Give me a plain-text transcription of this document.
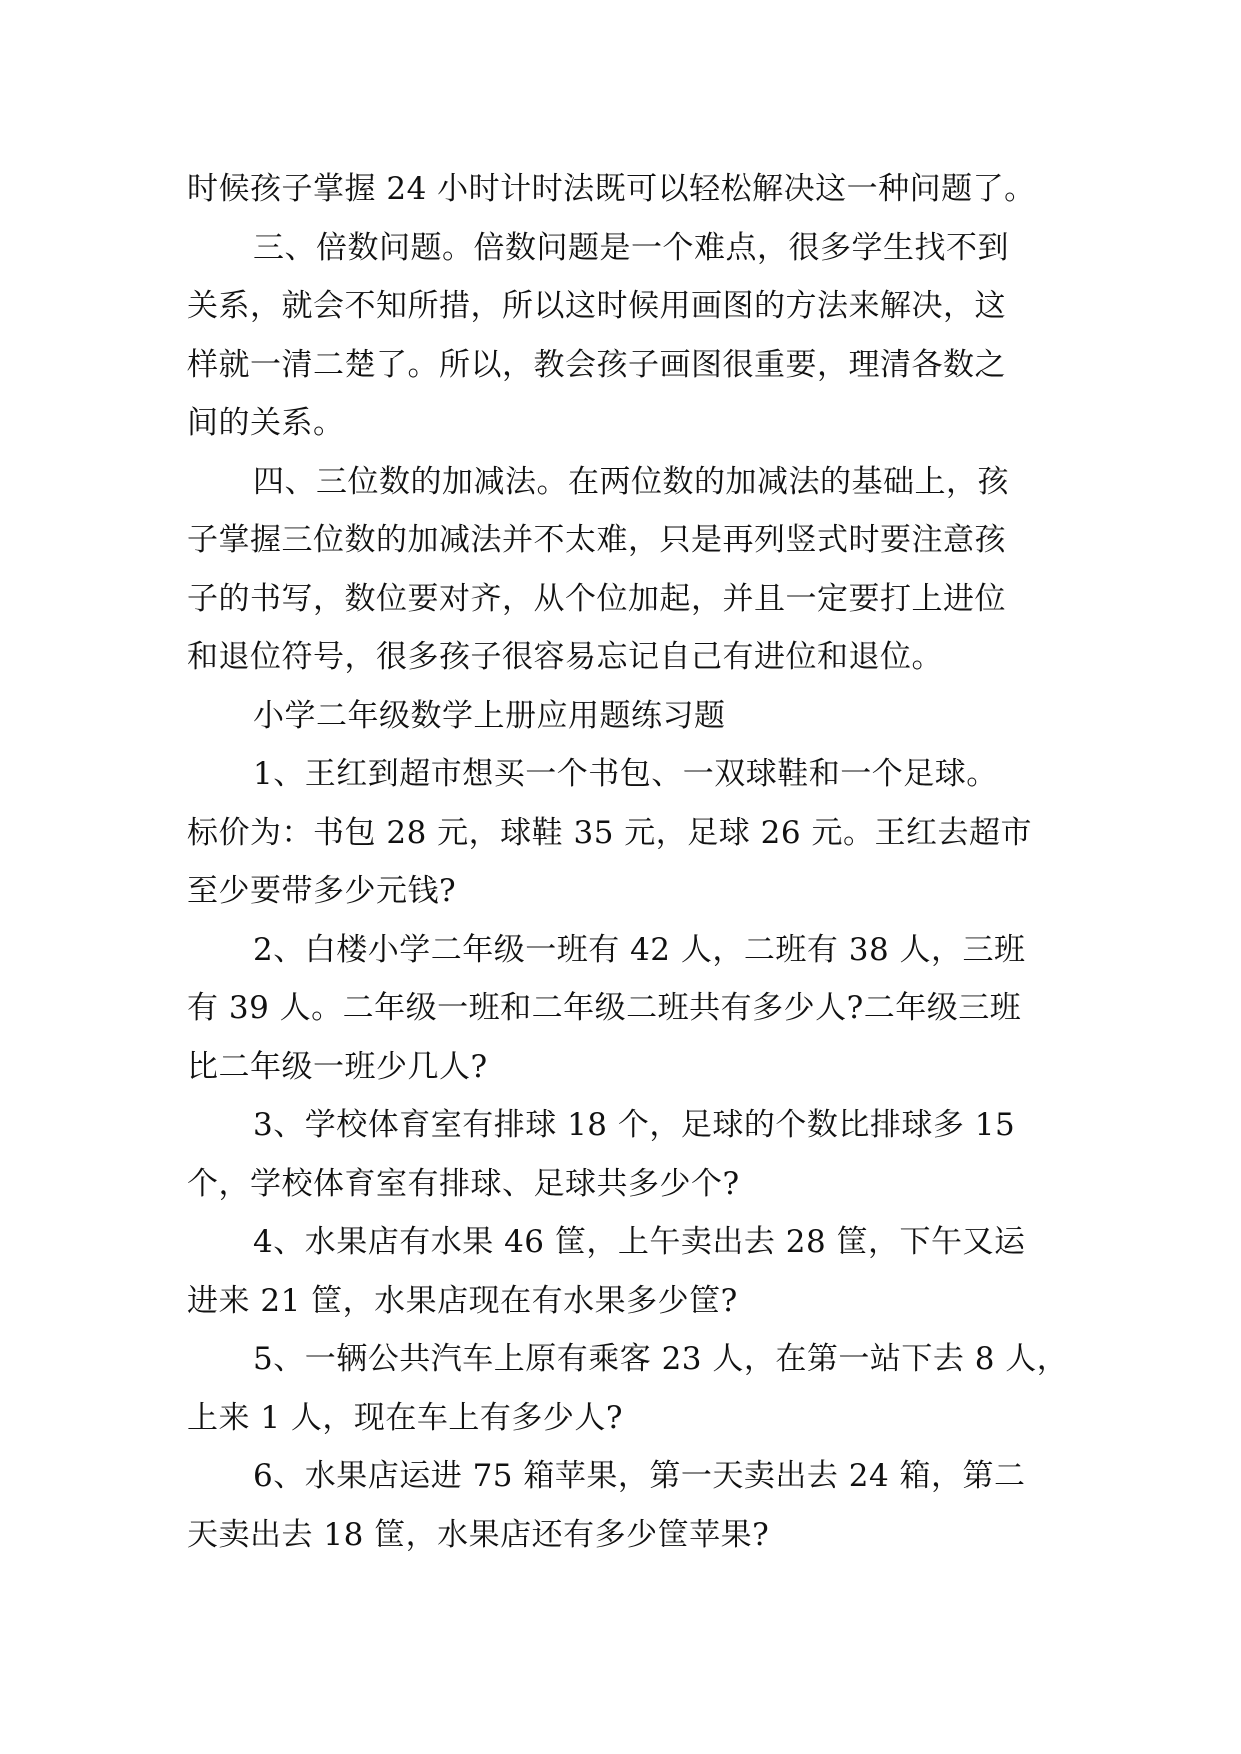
时候孩子掌握 24 小时计时法既可以轻松解决这一种问题了。
三、倍数问题。倍数问题是一个难点，很多学生找不到
关系，就会不知所措，所以这时候用画图的方法来解决，这
样就一清二楚了。所以，教会孩子画图很重要，理清各数之
间的关系。
四、三位数的加减法。在两位数的加减法的基础上，孩
子掌握三位数的加减法并不太难，只是再列竖式时要注意孩
子的书写，数位要对齐，从个位加起，并且一定要打上进位
和退位符号，很多孩子很容易忘记自己有进位和退位。
小学二年级数学上册应用题练习题
1、王红到超市想买一个书包、一双球鞋和一个足球。
标价为：书包 28 元，球鞋 35 元，足球 26 元。王红去超市
至少要带多少元钱?
2、白楼小学二年级一班有 42 人，二班有 38 人，三班
有 39 人。二年级一班和二年级二班共有多少人?二年级三班
比二年级一班少几人?
3、学校体育室有排球 18 个，足球的个数比排球多 15
个，学校体育室有排球、足球共多少个?
4、水果店有水果 46 筐，上午卖出去 28 筐，下午又运
进来 21 筐，水果店现在有水果多少筐?
5、一辆公共汽车上原有乘客 23 人，在第一站下去 8 人，
上来 1 人，现在车上有多少人?
6、水果店运进 75 箱苹果，第一天卖出去 24 箱，第二
天卖出去 18 筐，水果店还有多少筐苹果?
